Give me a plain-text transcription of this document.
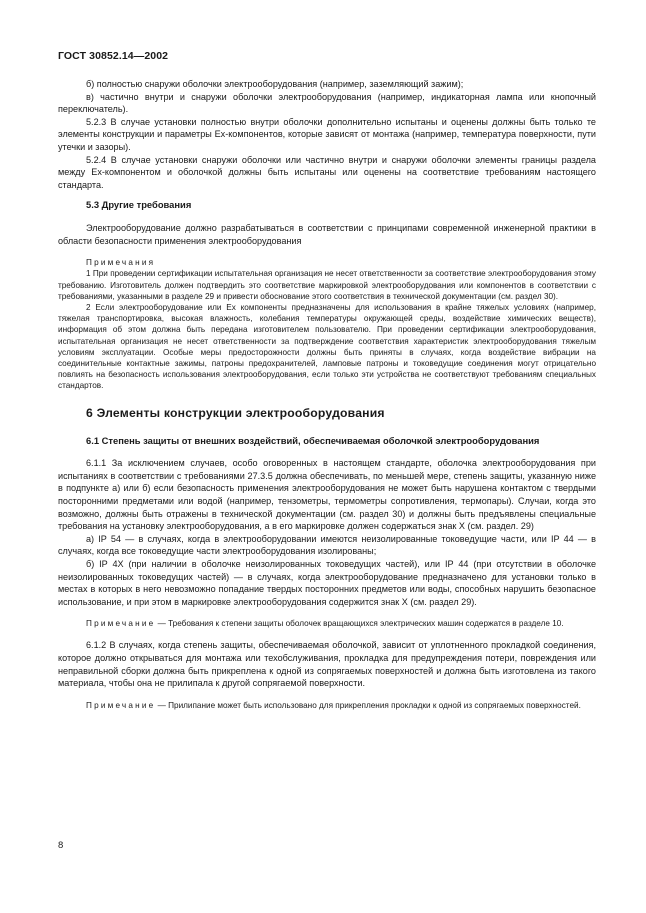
ГОСТ 30852.14—2002

б) полностью снаружи оболочки электрооборудования (например, заземляющий зажим);

в) частично внутри и снаружи оболочки электрооборудования (например, индикаторная лампа или кнопочный переключатель).

5.2.3 В случае установки полностью внутри оболочки дополнительно испытаны и оценены должны быть только те элементы конструкции и параметры Ex-компонентов, которые зависят от монтажа (например, температура поверхности, пути утечки и зазоры).

5.2.4 В случае установки снаружи оболочки или частично внутри и снаружи оболочки элементы границы раздела между Ex-компонентом и оболочкой должны быть испытаны или оценены на соответствие требованиям настоящего стандарта.

5.3 Другие требования

Электрооборудование должно разрабатываться в соответствии с принципами современной инженерной практики в области безопасности применения электрооборудования

Примечания

1 При проведении сертификации испытательная организация не несет ответственности за соответствие электрооборудования этому требованию. Изготовитель должен подтвердить это соответствие маркировкой электрооборудования или компонентов в соответствии с требованиями, указанными в разделе 29 и привести обоснование этого соответствия в технической документации (см. раздел 30).

2 Если электрооборудование или Ex компоненты предназначены для использования в крайне тяжелых условиях (например, тяжелая транспортировка, высокая влажность, колебания температуры окружающей среды, воздействие химических веществ), информация об этом должна быть передана изготовителем пользователю. При проведении сертификации электрооборудования, испытательная организация не несет ответственности за подтверждение соответствия характеристик электрооборудования тяжелым условиям эксплуатации. Особые меры предосторожности должны быть приняты в случаях, когда воздействие вибрации на соединительные контактные зажимы, патроны предохранителей, ламповые патроны и токоведущие соединения могут отрицательно повлиять на безопасность использования электрооборудования, если только эти устройства не соответствуют требованиям специальных стандартов.

6 Элементы конструкции электрооборудования

6.1 Степень защиты от внешних воздействий, обеспечиваемая оболочкой электрооборудования

6.1.1 За исключением случаев, особо оговоренных в настоящем стандарте, оболочка электрооборудования при испытаниях в соответствии с требованиями 27.3.5 должна обеспечивать, по меньшей мере, степень защиты, указанную ниже в подпункте а) или б) если безопасность применения электрооборудования не может быть нарушена контактом с твердыми посторонними предметами или водой (например, тензометры, термометры сопротивления, термопары). Случаи, когда это возможно, должны быть отражены в технической документации (см. раздел 30) и должны быть предъявлены специальные требования на установку электрооборудования, а в его маркировке должен содержаться знак X (см. раздел. 29)

а) IP 54 — в случаях, когда в электрооборудовании имеются неизолированные токоведущие части, или IP 44 — в случаях, когда все токоведущие части электрооборудования изолированы;

б) IP 4X (при наличии в оболочке неизолированных токоведущих частей), или IP 44 (при отсутствии в оболочке неизолированных токоведущих частей) — в случаях, когда электрооборудование предназначено для установки только в местах в которых в него невозможно попадание твердых посторонних предметов или воды, способных нарушить безопасное использование, и при этом в маркировке электрооборудования содержится знак X (см. раздел 29).

Примечание — Требования к степени защиты оболочек вращающихся электрических машин содержатся в разделе 10.

6.1.2 В случаях, когда степень защиты, обеспечиваемая оболочкой, зависит от уплотненного прокладкой соединения, которое должно открываться для монтажа или техобслуживания, прокладка для предупреждения потери, повреждения или неправильной сборки должна быть прикреплена к одной из сопрягаемых поверхностей и должна быть изготовлена из такого материала, чтобы она не прилипала к другой сопрягаемой поверхности.

Примечание — Прилипание может быть использовано для прикрепления прокладки к одной из сопрягаемых поверхностей.

8
